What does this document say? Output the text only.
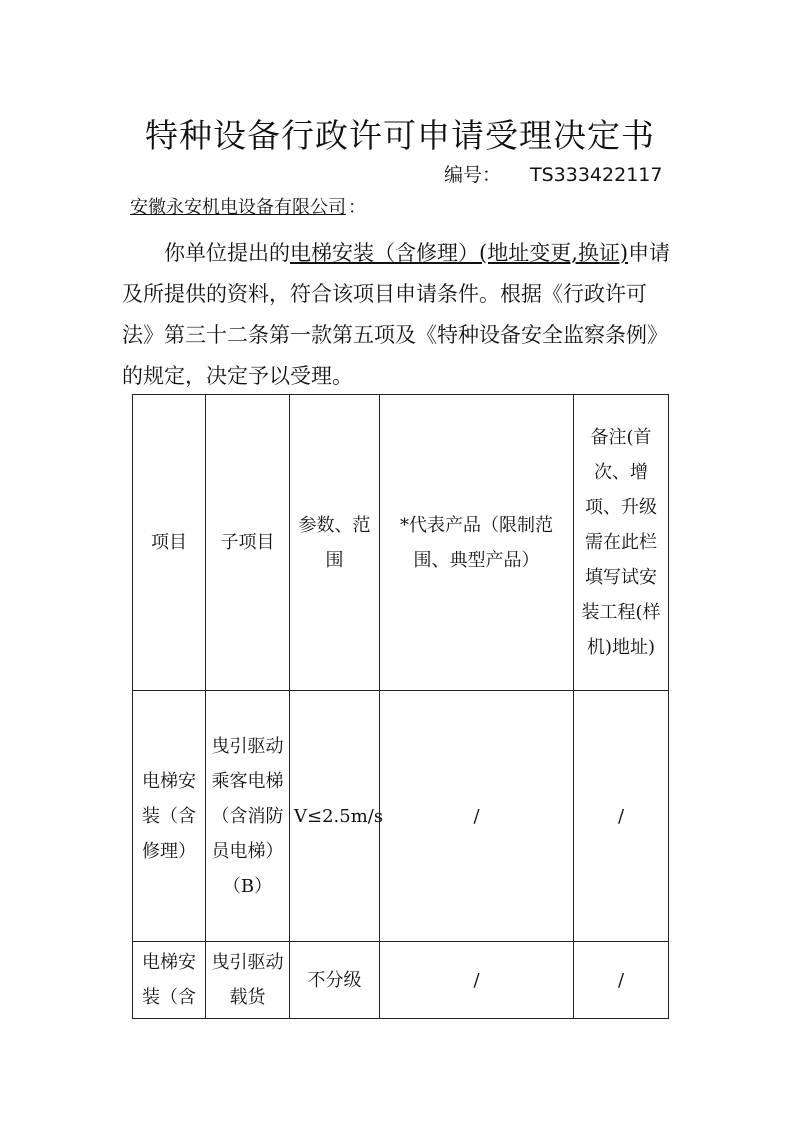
特种设备行政许可申请受理决定书
编号： TS333422117
安徽永安机电设备有限公司 ：

你单位提出的电梯安装（含修理）(地址变更,换证)申请及所提供的资料，符合该项目申请条件。根据《行政许可法》第三十二条第一款第五项及《特种设备安全监察条例》的规定，决定予以受理。

项目	子项目	参数、范围	*代表产品（限制范围、典型产品）	备注(首次、增项、升级需在此栏填写试安装工程(样机)地址)
电梯安装（含修理）	曳引驱动乘客电梯（含消防员电梯）（B）	V≤2.5m/s	/	/
电梯安装（含	曳引驱动载货	不分级	/	/
